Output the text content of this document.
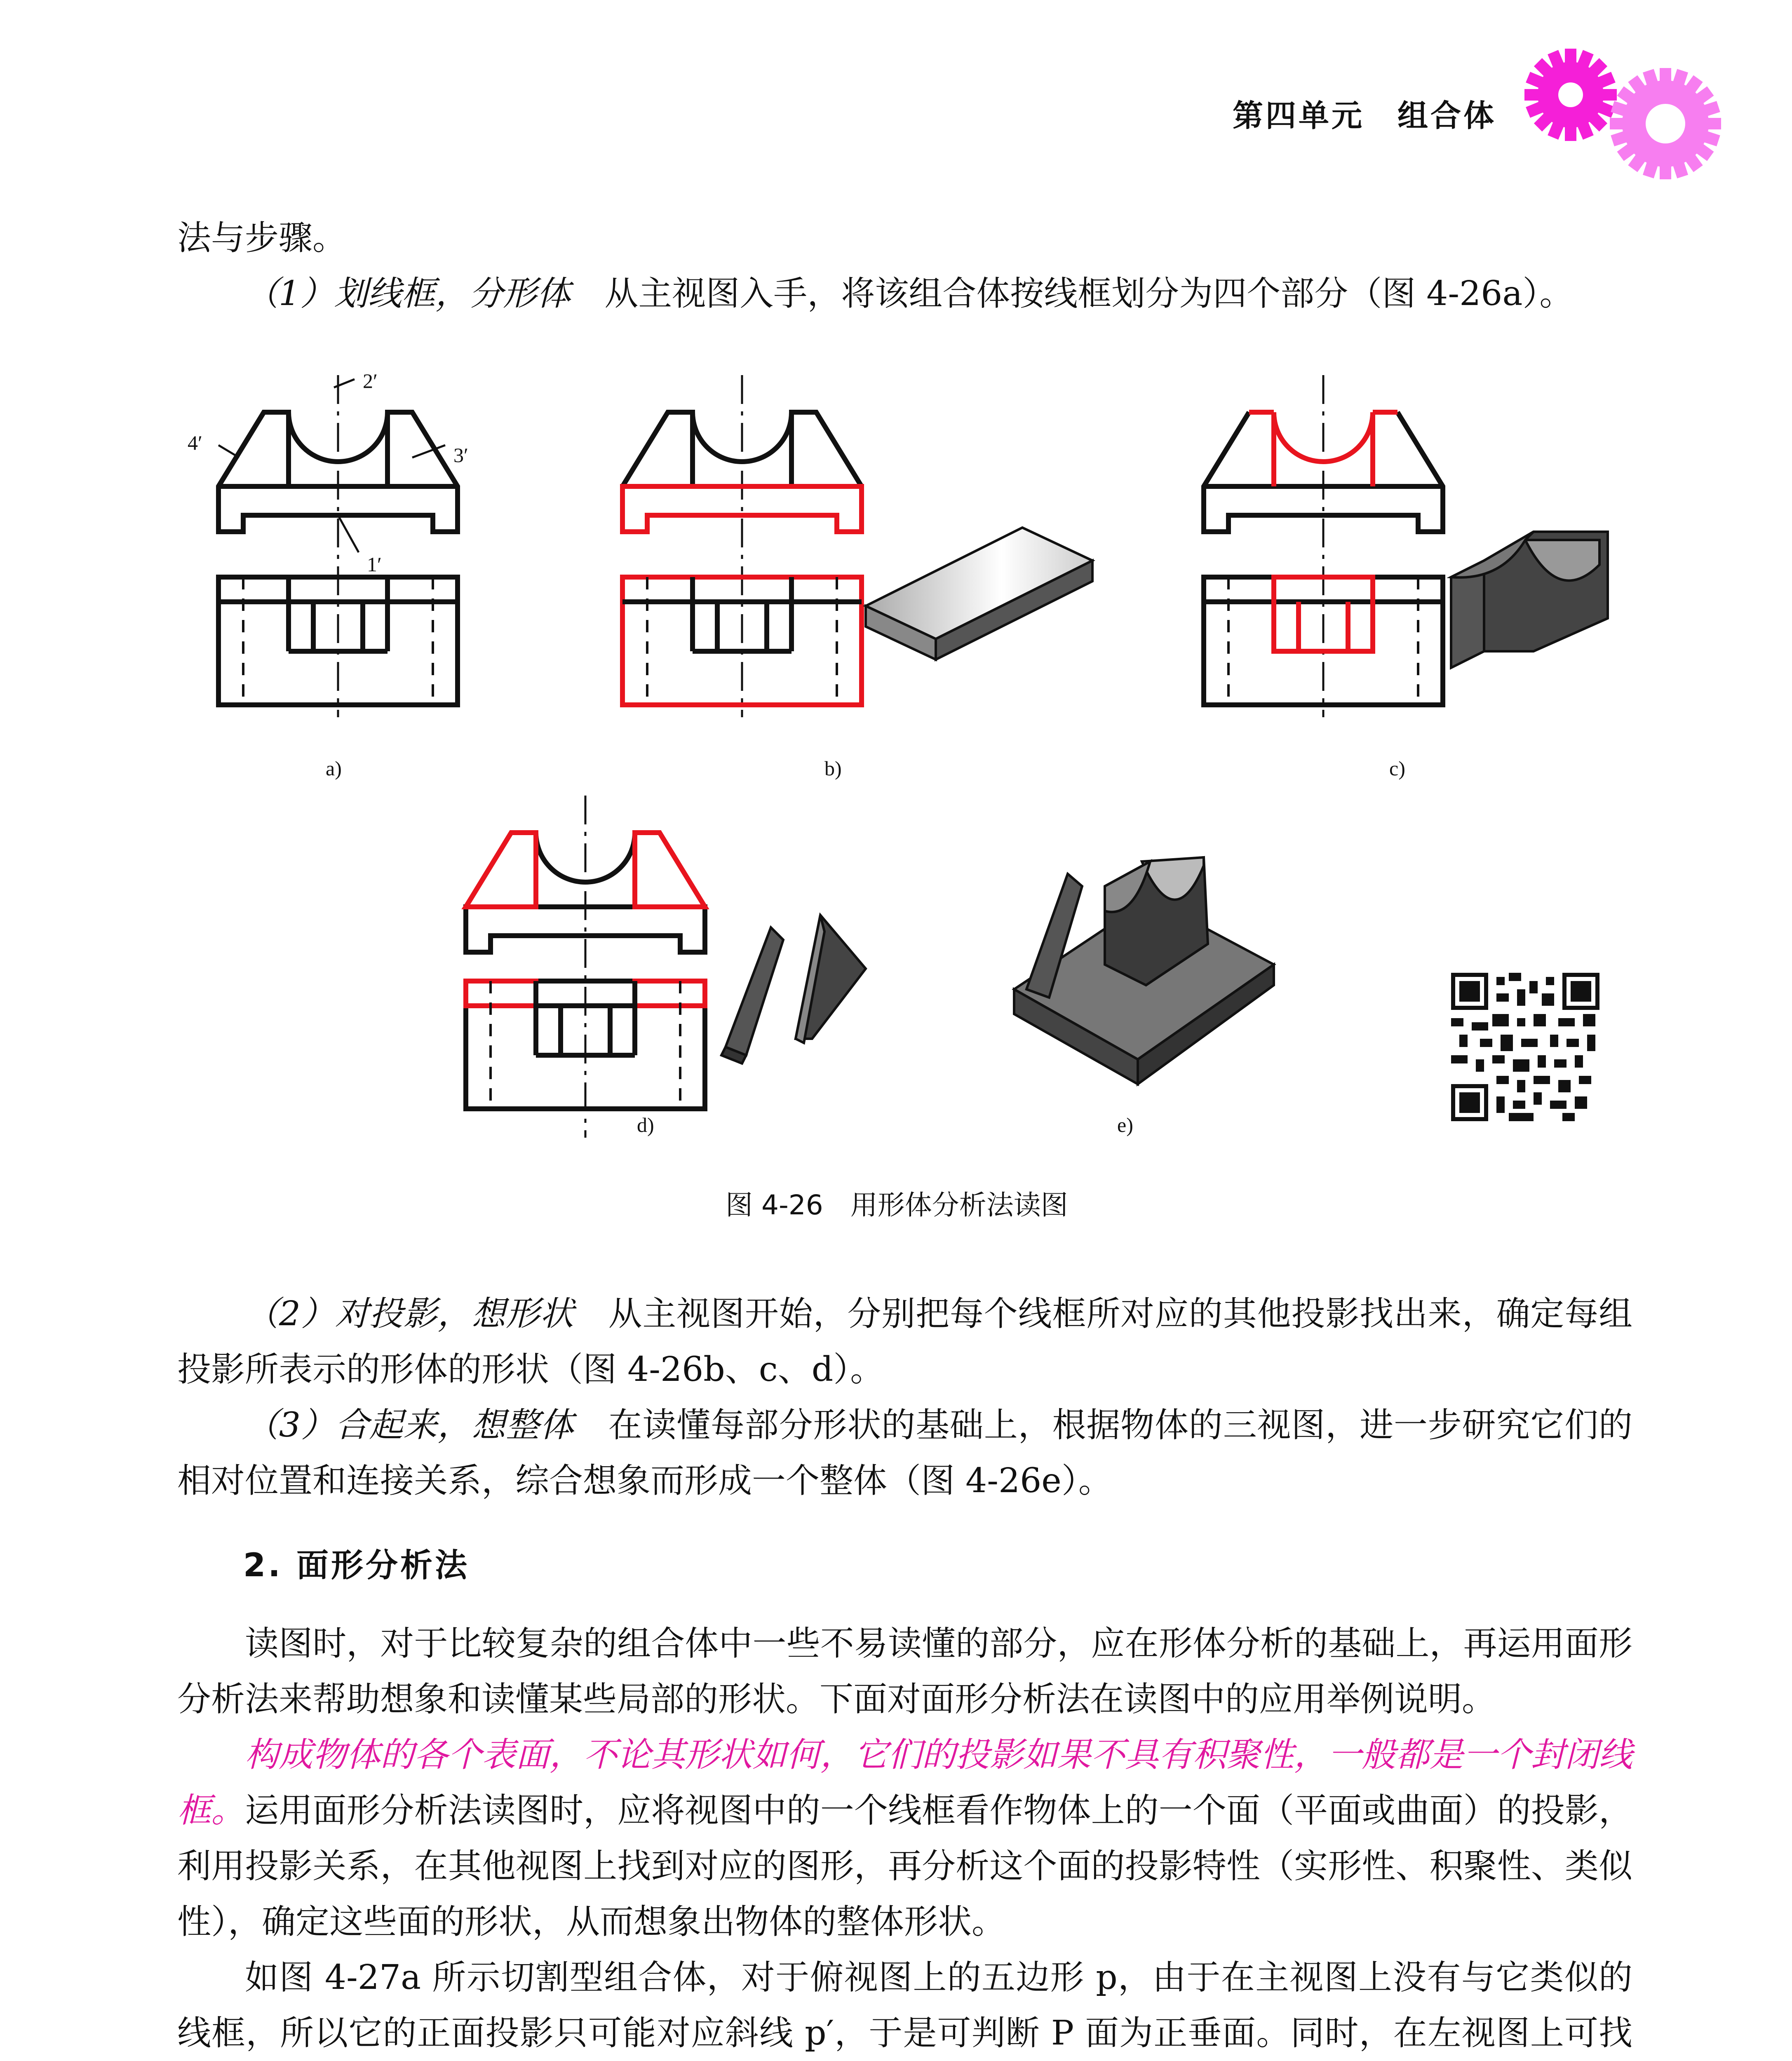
第四单元　组合体

法与步骤。

（1）划线框，分形体　 从主视图入手，将该组合体按线框划分为四个部分（图 4-26a）。

2′
4′
3′
1′
a)	b)	c)
d)	e)
图 4-26　用形体分析法读图

（2）对投影，想形状　 从主视图开始，分别把每个线框所对应的其他投影找出来，确定每组投影所表示的形体的形状（图 4-26b、c、d）。

（3）合起来，想整体　 在读懂每部分形状的基础上，根据物体的三视图，进一步研究它们的相对位置和连接关系，综合想象而形成一个整体（图 4-26e）。

2. 面形分析法

读图时，对于比较复杂的组合体中一些不易读懂的部分，应在形体分析的基础上，再运用面形分析法来帮助想象和读懂某些局部的形状。下面对面形分析法在读图中的应用举例说明。

构成物体的各个表面，不论其形状如何，它们的投影如果不具有积聚性，一般都是一个封闭线框。运用面形分析法读图时，应将视图中的一个线框看作物体上的一个面（平面或曲面）的投影，利用投影关系，在其他视图上找到对应的图形，再分析这个面的投影特性（实形性、积聚性、类似性），确定这些面的形状，从而想象出物体的整体形状。

如图 4-27a 所示切割型组合体，对于俯视图上的五边形 p，由于在主视图上没有与它类似的线框，所以它的正面投影只可能对应斜线 p′，于是可判断 P 面为正垂面。同时，在左视图上可找
